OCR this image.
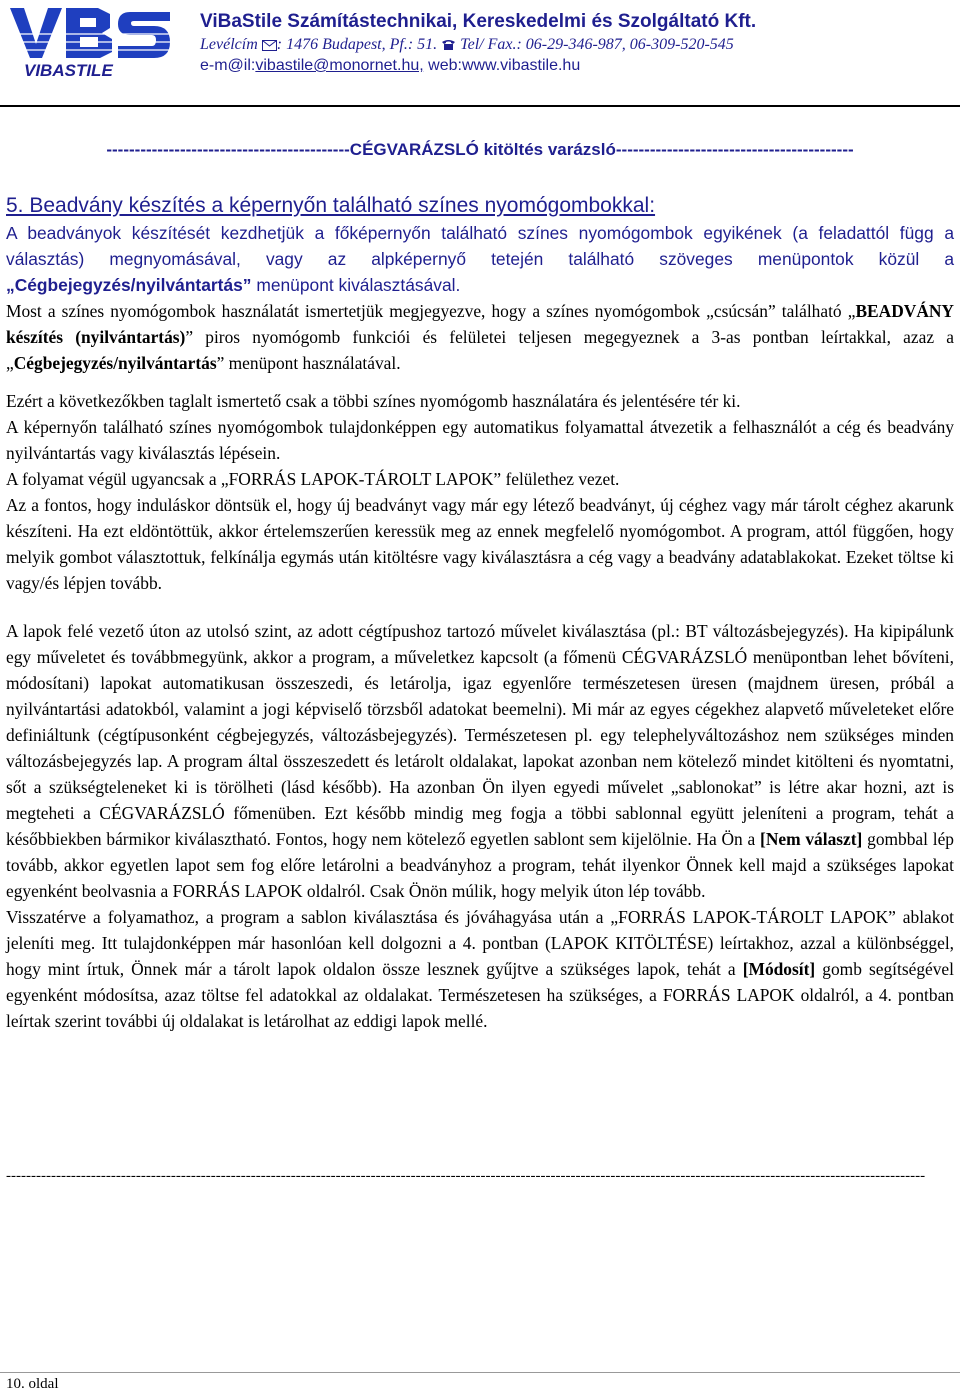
VIBASTILE
ViBaStile Számítástechnikai, Kereskedelmi és Szolgáltató Kft.
Levélcím : 1476 Budapest, Pf.: 51. Tel/ Fax.: 06-29-346-987, 06-309-520-545
e-m@il:vibastile@monornet.hu, web:www.vibastile.hu
-------------------------------------------CÉGVARÁZSLÓ kitöltés varázsló------------------------------------------
5. Beadvány készítés a képernyőn található színes nyomógombokkal:

A beadványok készítését kezdhetjük a főképernyőn található színes nyomógombok egyikének (a feladattól függ a választás) megnyomásával, vagy az alpképernyő tetején található szöveges menüpontok közül a „Cégbejegyzés/nyilvántartás” menüpont kiválasztásával.

Most a színes nyomógombok használatát ismertetjük megjegyezve, hogy a színes nyomógombok „csúcsán” található „BEADVÁNY készítés (nyilvántartás)” piros nyomógomb funkciói és felületei teljesen megegyeznek a 3-as pontban leírtakkal, azaz a „Cégbejegyzés/nyilvántartás” menüpont használatával.

Ezért a következőkben taglalt ismertető csak a többi színes nyomógomb használatára és jelentésére tér ki.

A képernyőn található színes nyomógombok tulajdonképpen egy automatikus folyamattal átvezetik a felhasználót a cég és beadvány nyilvántartás vagy kiválasztás lépésein.

A folyamat végül ugyancsak a „FORRÁS LAPOK-TÁROLT LAPOK” felülethez vezet.

Az a fontos, hogy induláskor döntsük el, hogy új beadványt vagy már egy létező beadványt, új céghez vagy már tárolt céghez akarunk készíteni. Ha ezt eldöntöttük, akkor értelemszerűen keressük meg az ennek megfelelő nyomógombot. A program, attól függően, hogy melyik gombot választottuk, felkínálja egymás után kitöltésre vagy kiválasztásra a cég vagy a beadvány adatablakokat. Ezeket töltse ki vagy/és lépjen tovább.

A lapok felé vezető úton az utolsó szint, az adott cégtípushoz tartozó művelet kiválasztása (pl.: BT változásbejegyzés). Ha kipipálunk egy műveletet és továbbmegyünk, akkor a program, a műveletkez kapcsolt (a főmenü CÉGVARÁZSLÓ menüpontban lehet bővíteni, módosítani) lapokat automatikusan összeszedi, és letárolja, igaz egyenlőre természetesen üresen (majdnem üresen, próbál a nyilvántartási adatokból, valamint a jogi képviselő törzsből adatokat beemelni). Mi már az egyes cégekhez alapvető műveleteket előre definiáltunk (cégtípusonként cégbejegyzés, változásbejegyzés). Természetesen pl. egy telephelyváltozáshoz nem szükséges minden változásbejegyzés lap. A program által összeszedett és letárolt oldalakat, lapokat azonban nem kötelező mindet kitölteni és nyomtatni, sőt a szükségteleneket ki is törölheti (lásd később). Ha azonban Ön ilyen egyedi művelet „sablonokat” is létre akar hozni, azt is megteheti a CÉGVARÁZSLÓ főmenüben. Ezt később mindig meg fogja a többi sablonnal együtt jeleníteni a program, tehát a későbbiekben bármikor kiválasztható. Fontos, hogy nem kötelező egyetlen sablont sem kijelölnie. Ha Ön a [Nem választ] gombbal lép tovább, akkor egyetlen lapot sem fog előre letárolni a beadványhoz a program, tehát ilyenkor Önnek kell majd a szükséges lapokat egyenként beolvasnia a FORRÁS LAPOK oldalról. Csak Önön múlik, hogy melyik úton lép tovább.

Visszatérve a folyamathoz, a program a sablon kiválasztása és jóváhagyása után a „FORRÁS LAPOK-TÁROLT LAPOK” ablakot jeleníti meg. Itt tulajdonképpen már hasonlóan kell dolgozni a 4. pontban (LAPOK KITÖLTÉSE) leírtakhoz, azzal a különbséggel, hogy mint írtuk, Önnek már a tárolt lapok oldalon össze lesznek gyűjtve a szükséges lapok, tehát a [Módosít] gomb segítségével egyenként módosítsa, azaz töltse fel adatokkal az oldalakat. Természetesen ha szükséges, a FORRÁS LAPOK oldalról, a 4. pontban leírtak szerint további új oldalakat is letárolhat az eddigi lapok mellé.

----------------------------------------------------------------------------------------------------------------------------------------------------------------------------------------
10. oldal
